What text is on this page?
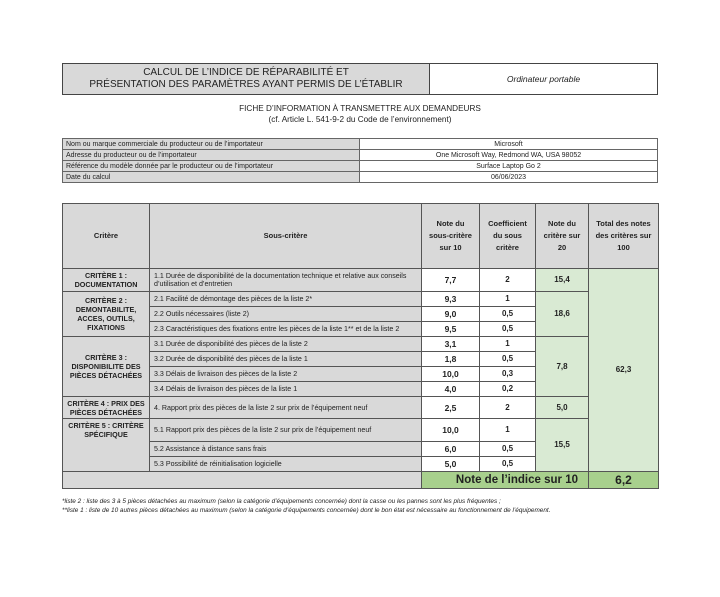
CALCUL DE L’INDICE DE RÉPARABILITÉ ET
PRÉSENTATION DES PARAMÈTRES AYANT PERMIS DE L’ÉTABLIR	Ordinateur portable
FICHE D’INFORMATION À TRANSMETTRE AUX DEMANDEURS
(cf. Article L. 541-9-2 du Code de l’environnement)
Nom ou marque commerciale du producteur ou de l’importateur	Microsoft
Adresse du producteur ou de l’importateur	One Microsoft Way, Redmond WA, USA 98052
Référence du modèle donnée par le producteur ou de l’importateur	Surface Laptop Go 2
Date du calcul	06/06/2023
Critère	Sous-critère	Note du sous-critère sur 10	Coefficient du sous critère	Note du critère sur 20	Total des notes des critères sur 100
CRITÈRE 1 : DOCUMENTATION	1.1 Durée de disponibilité de la documentation technique et relative aux conseils d’utilisation et d’entretien	7,7	2	15,4	62,3
CRITÈRE 2 : DEMONTABILITE, ACCES, OUTILS, FIXATIONS	2.1 Facilité de démontage des pièces de la liste 2*	9,3	1	18,6	
	2.2 Outils nécessaires (liste 2)	9,0	0,5		
	2.3 Caractéristiques des fixations entre les pièces de la liste 1** et de la liste 2	9,5	0,5		
CRITÈRE 3 : DISPONIBILITE DES PIÈCES DÉTACHÉES	3.1 Durée de disponibilité des pièces de la liste 2	3,1	1	7,8	
	3.2 Durée de disponibilité des pièces de la liste 1	1,8	0,5		
	3.3 Délais de livraison des pièces de la liste 2	10,0	0,3		
	3.4 Délais de livraison des pièces de la liste 1	4,0	0,2		
CRITÈRE 4 : PRIX DES PIÈCES DÉTACHÉES	4. Rapport prix des pièces de la liste 2 sur prix de l’équipement neuf	2,5	2	5,0	
CRITÈRE 5 : CRITÈRE SPÉCIFIQUE	5.1 Rapport prix des pièces de la liste 2 sur prix de l’équipement neuf	10,0	1	15,5	
	5.2 Assistance à distance sans frais	6,0	0,5		
	5.3 Possibilité de réinitialisation logicielle	5,0	0,5		
		Note de l’indice sur 10			6,2
*liste 2 : liste des 3 à 5 pièces détachées au maximum (selon la catégorie d’équipements concernée) dont la casse ou les pannes sont les plus fréquentes ;
**liste 1 : liste de 10 autres pièces détachées au maximum (selon la catégorie d’équipements concernée) dont le bon état est nécessaire au fonctionnement de l’équipement.
